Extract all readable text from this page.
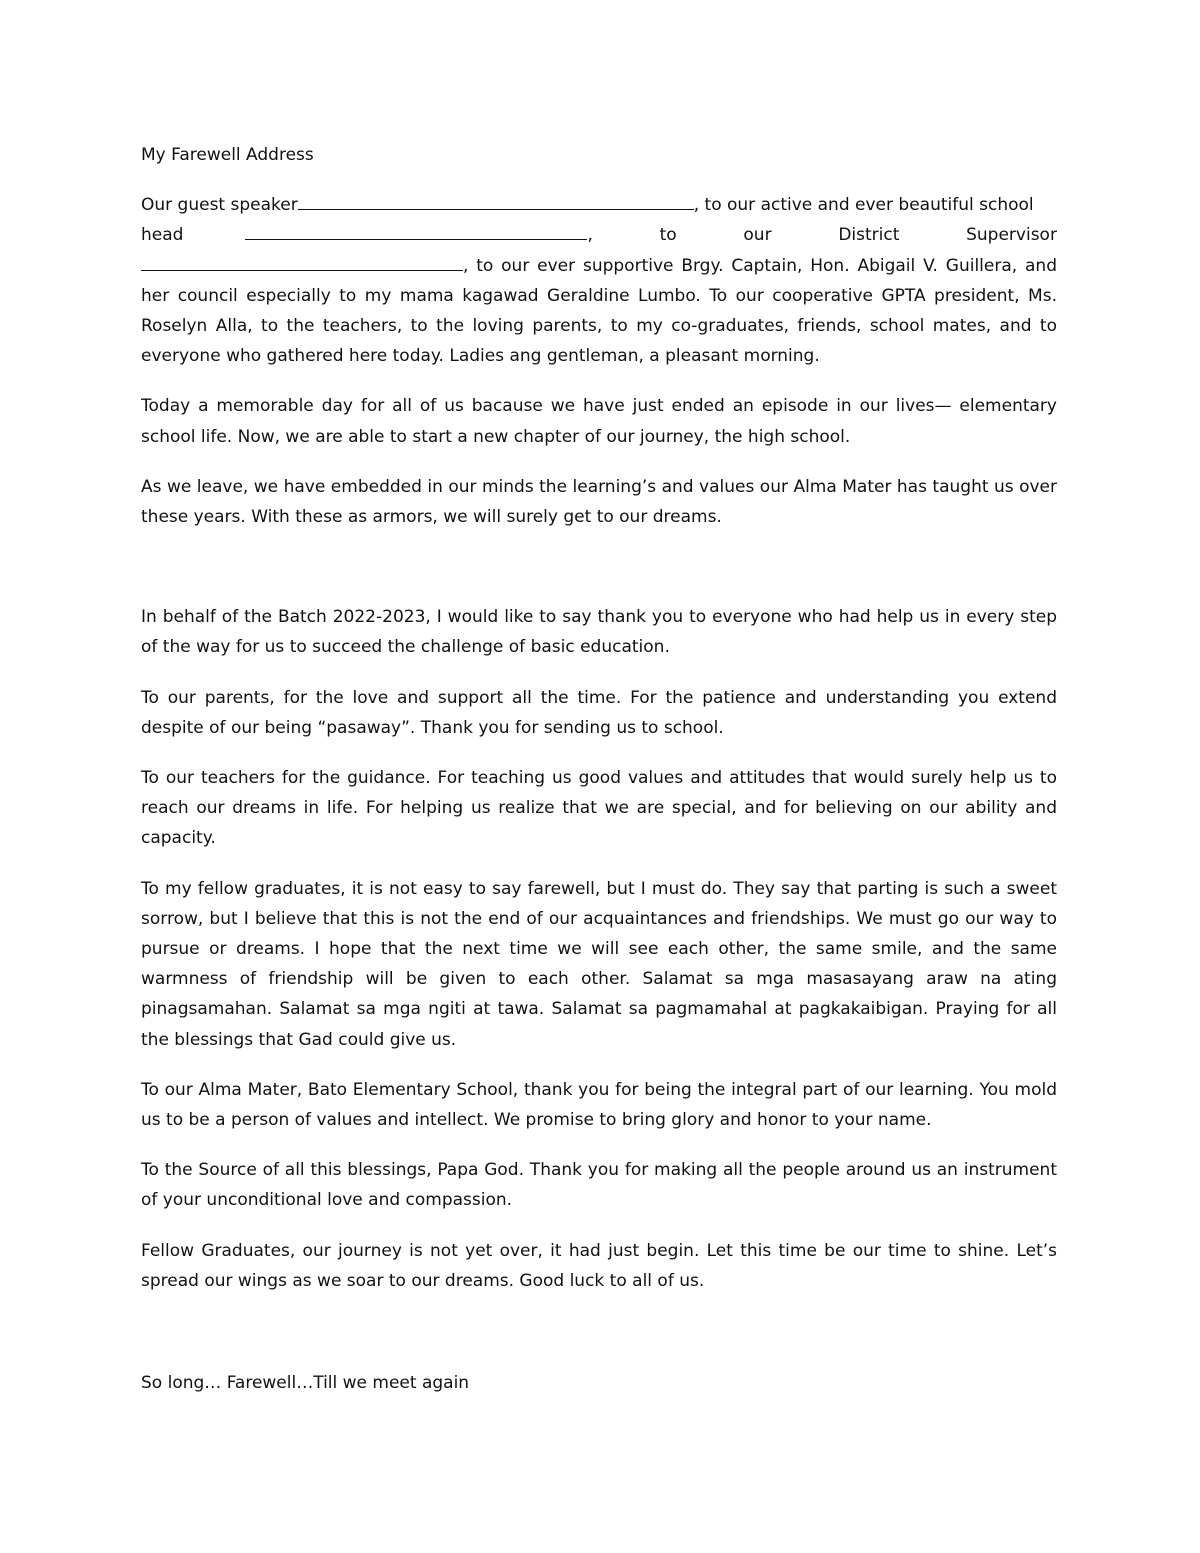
My Farewell Address
Our guest speaker	, to our active and ever beautiful school
head	,	to	our	District	Supervisor
, to our ever supportive Brgy. Captain, Hon. Abigail V. Guillera, and her council especially to my mama kagawad Geraldine Lumbo. To our cooperative GPTA president, Ms. Roselyn Alla, to the teachers, to the loving parents, to my co-graduates, friends, school mates, and to everyone who gathered here today. Ladies ang gentleman, a pleasant morning.
Today a memorable day for all of us bacause we have just ended an episode in our lives— elementary school life. Now, we are able to start a new chapter of our journey, the high school.
As we leave, we have embedded in our minds the learning’s and values our Alma Mater has taught us over these years. With these as armors, we will surely get to our dreams.
In behalf of the Batch 2022-2023, I would like to say thank you to everyone who had help us in every step of the way for us to succeed the challenge of basic education.
To our parents, for the love and support all the time. For the patience and understanding you extend despite of our being “pasaway”. Thank you for sending us to school.
To our teachers for the guidance. For teaching us good values and attitudes that would surely help us to reach our dreams in life. For helping us realize that we are special, and for believing on our ability and capacity.
To my fellow graduates, it is not easy to say farewell, but I must do. They say that parting is such a sweet sorrow, but I believe that this is not the end of our acquaintances and friendships. We must go our way to pursue or dreams. I hope that the next time we will see each other, the same smile, and the same warmness of friendship will be given to each other. Salamat sa mga masasayang araw na ating pinagsamahan. Salamat sa mga ngiti at tawa. Salamat sa pagmamahal at pagkakaibigan. Praying for all the blessings that Gad could give us.
To our Alma Mater, Bato Elementary School, thank you for being the integral part of our learning. You mold us to be a person of values and intellect. We promise to bring glory and honor to your name.
To the Source of all this blessings, Papa God. Thank you for making all the people around us an instrument of your unconditional love and compassion.
Fellow Graduates, our journey is not yet over, it had just begin. Let this time be our time to shine. Let’s spread our wings as we soar to our dreams. Good luck to all of us.
So long… Farewell…Till we meet again
